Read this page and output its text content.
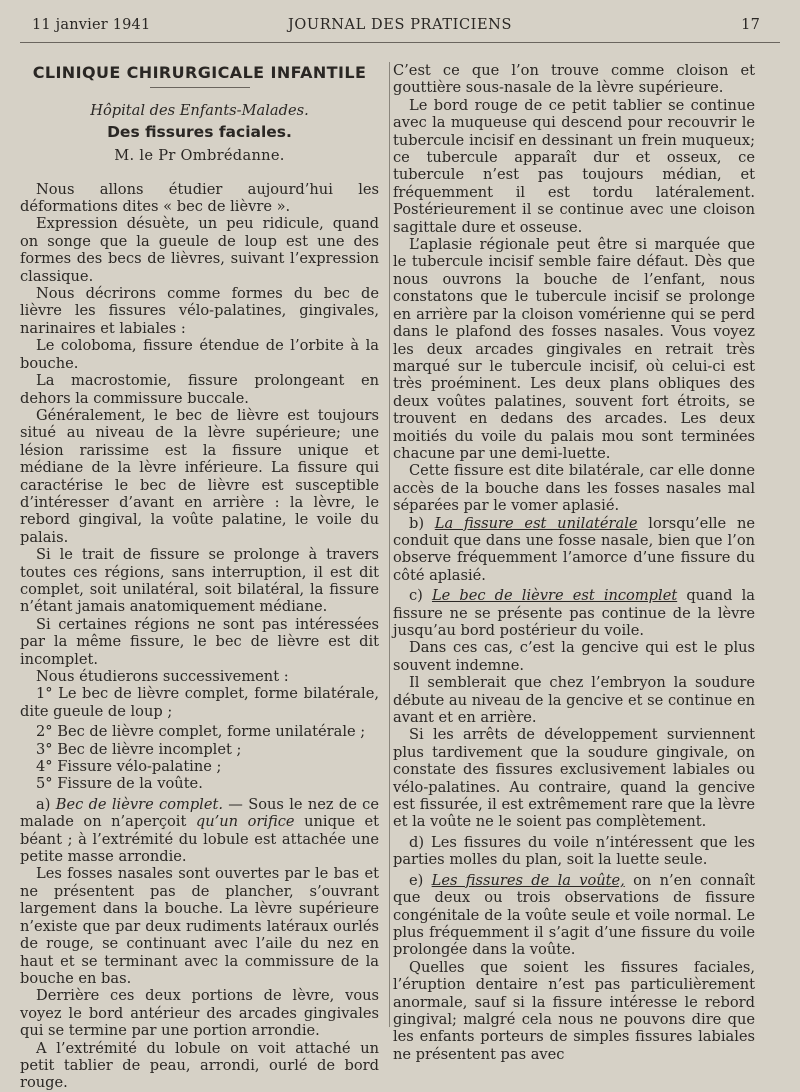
11 janvier 1941	JOURNAL DES PRATICIENS	17
CLINIQUE CHIRURGICALE INFANTILE
Hôpital des Enfants-Malades.
Des fissures faciales.
M. le Pr Ombrédanne.

Nous allons étudier aujourd’hui les déformations dites « bec de lièvre ».

Expression désuète, un peu ridicule, quand on songe que la gueule de loup est une des formes des becs de lièvres, suivant l’expression classique.

Nous décrirons comme formes du bec de lièvre les fissures vélo-palatines, gingivales, narinaires et labiales :

Le coloboma, fissure étendue de l’orbite à la bouche.

La macrostomie, fissure prolongeant en dehors la commissure buccale.

Généralement, le bec de lièvre est toujours situé au niveau de la lèvre supérieure; une lésion rarissime est la fissure unique et médiane de la lèvre inférieure. La fissure qui caractérise le bec de lièvre est susceptible d’intéresser d’avant en arrière : la lèvre, le rebord gingival, la voûte palatine, le voile du palais.

Si le trait de fissure se prolonge à travers toutes ces régions, sans interruption, il est dit complet, soit unilatéral, soit bilatéral, la fissure n’étant jamais anatomiquement médiane.

Si certaines régions ne sont pas intéressées par la même fissure, le bec de lièvre est dit incomplet.

Nous étudierons successivement :

1° Le bec de lièvre complet, forme bilatérale, dite gueule de loup ;

2° Bec de lièvre complet, forme unilatérale ;

3° Bec de lièvre incomplet ;

4° Fissure vélo-palatine ;

5° Fissure de la voûte.

a) Bec de lièvre complet. — Sous le nez de ce malade on n’aperçoit qu’un orifice unique et béant ; à l’extrémité du lobule est attachée une petite masse arrondie.

Les fosses nasales sont ouvertes par le bas et ne présentent pas de plancher, s’ouvrant largement dans la bouche. La lèvre supérieure n’existe que par deux rudiments latéraux ourlés de rouge, se continuant avec l’aile du nez en haut et se terminant avec la commissure de la bouche en bas.

Derrière ces deux portions de lèvre, vous voyez le bord antérieur des arcades gingivales qui se termine par une portion arrondie.

A l’extrémité du lobule on voit attaché un petit tablier de peau, arrondi, ourlé de bord rouge.

C’est ce que l’on trouve comme cloison et gouttière sous-nasale de la lèvre supérieure.

Le bord rouge de ce petit tablier se continue avec la muqueuse qui descend pour recouvrir le tubercule incisif en dessinant un frein muqueux; ce tubercule apparaît dur et osseux, ce tubercule n’est pas toujours médian, et fréquemment il est tordu latéralement. Postérieurement il se continue avec une cloison sagittale dure et osseuse.

L’aplasie régionale peut être si marquée que le tubercule incisif semble faire défaut. Dès que nous ouvrons la bouche de l’enfant, nous constatons que le tubercule incisif se prolonge en arrière par la cloison vomérienne qui se perd dans le plafond des fosses nasales. Vous voyez les deux arcades gingivales en retrait très marqué sur le tubercule incisif, où celui-ci est très proéminent. Les deux plans obliques des deux voûtes palatines, souvent fort étroits, se trouvent en dedans des arcades. Les deux moitiés du voile du palais mou sont terminées chacune par une demi-luette.

Cette fissure est dite bilatérale, car elle donne accès de la bouche dans les fosses nasales mal séparées par le vomer aplasié.

b) La fissure est unilatérale lorsqu’elle ne conduit que dans une fosse nasale, bien que l’on observe fréquemment l’amorce d’une fissure du côté aplasié.

c) Le bec de lièvre est incomplet quand la fissure ne se présente pas continue de la lèvre jusqu’au bord postérieur du voile.

Dans ces cas, c’est la gencive qui est le plus souvent indemne.

Il semblerait que chez l’embryon la soudure débute au niveau de la gencive et se continue en avant et en arrière.

Si les arrêts de développement surviennent plus tardivement que la soudure gingivale, on constate des fissures exclusivement labiales ou vélo-palatines. Au contraire, quand la gencive est fissurée, il est extrêmement rare que la lèvre et la voûte ne le soient pas complètement.

d) Les fissures du voile n’intéressent que les parties molles du plan, soit la luette seule.

e) Les fissures de la voûte, on n’en connaît que deux ou trois observations de fissure congénitale de la voûte seule et voile normal. Le plus fréquemment il s’agit d’une fissure du voile prolongée dans la voûte.

Quelles que soient les fissures faciales, l’éruption dentaire n’est pas particulièrement anormale, sauf si la fissure intéresse le rebord gingival; malgré cela nous ne pouvons dire que les enfants porteurs de simples fissures labiales ne présentent pas avec
